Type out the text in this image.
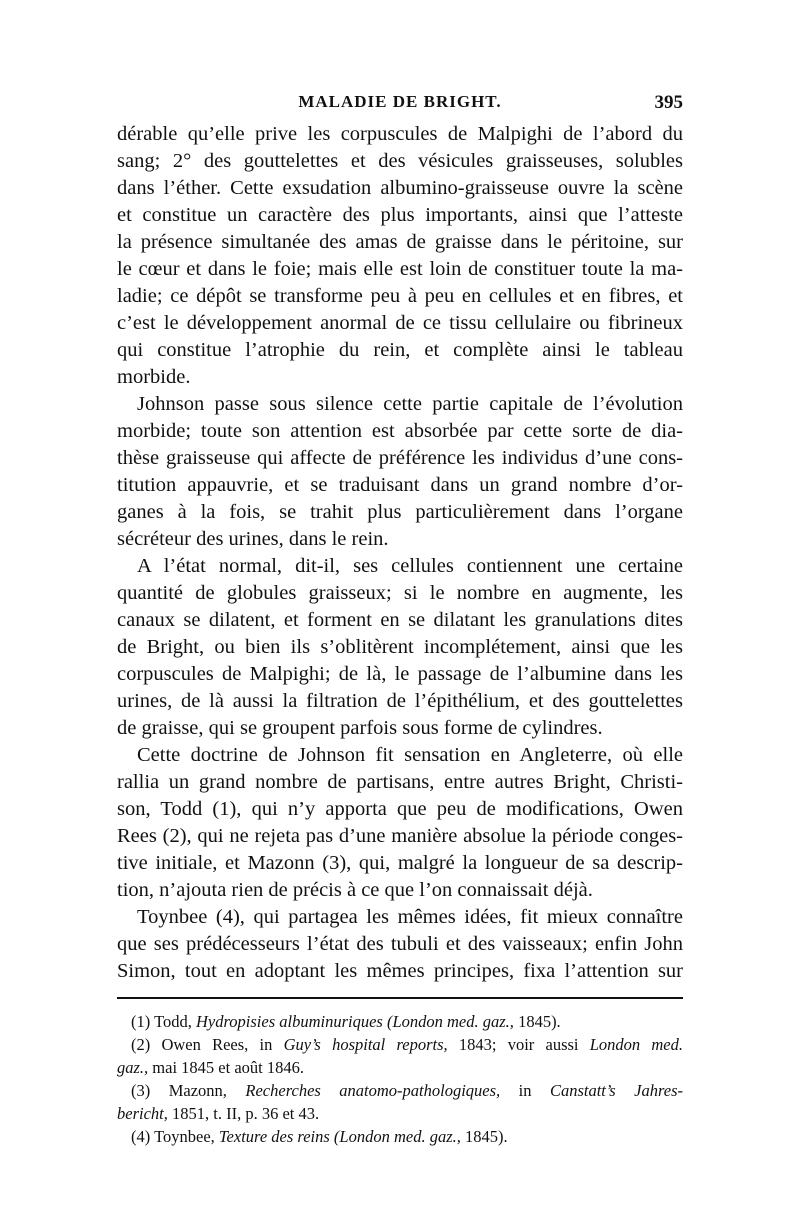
MALADIE DE BRIGHT.	395
dérable qu’elle prive les corpuscules de Malpighi de l’abord du
sang; 2° des gouttelettes et des vésicules graisseuses, solubles
dans l’éther. Cette exsudation albumino-graisseuse ouvre la scène
et constitue un caractère des plus importants, ainsi que l’atteste
la présence simultanée des amas de graisse dans le péritoine, sur
le cœur et dans le foie; mais elle est loin de constituer toute la ma-
ladie; ce dépôt se transforme peu à peu en cellules et en fibres, et
c’est le développement anormal de ce tissu cellulaire ou fibrineux
qui constitue l’atrophie du rein, et complète ainsi le tableau
morbide.
Johnson passe sous silence cette partie capitale de l’évolution
morbide; toute son attention est absorbée par cette sorte de dia-
thèse graisseuse qui affecte de préférence les individus d’une cons-
titution appauvrie, et se traduisant dans un grand nombre d’or-
ganes à la fois, se trahit plus particulièrement dans l’organe
sécréteur des urines, dans le rein.
A l’état normal, dit-il, ses cellules contiennent une certaine
quantité de globules graisseux; si le nombre en augmente, les
canaux se dilatent, et forment en se dilatant les granulations dites
de Bright, ou bien ils s’oblitèrent incomplétement, ainsi que les
corpuscules de Malpighi; de là, le passage de l’albumine dans les
urines, de là aussi la filtration de l’épithélium, et des gouttelettes
de graisse, qui se groupent parfois sous forme de cylindres.
Cette doctrine de Johnson fit sensation en Angleterre, où elle
rallia un grand nombre de partisans, entre autres Bright, Christi-
son, Todd (1), qui n’y apporta que peu de modifications, Owen
Rees (2), qui ne rejeta pas d’une manière absolue la période conges-
tive initiale, et Mazonn (3), qui, malgré la longueur de sa descrip-
tion, n’ajouta rien de précis à ce que l’on connaissait déjà.
Toynbee (4), qui partagea les mêmes idées, fit mieux connaître
que ses prédécesseurs l’état des tubuli et des vaisseaux; enfin John
Simon, tout en adoptant les mêmes principes, fixa l’attention sur
(1) Todd, Hydropisies albuminuriques (London med. gaz., 1845).
(2) Owen Rees, in Guy’s hospital reports, 1843; voir aussi London med.
gaz., mai 1845 et août 1846.
(3) Mazonn, Recherches anatomo-pathologiques, in Canstatt’s Jahres-
bericht, 1851, t. II, p. 36 et 43.
(4) Toynbee, Texture des reins (London med. gaz., 1845).
